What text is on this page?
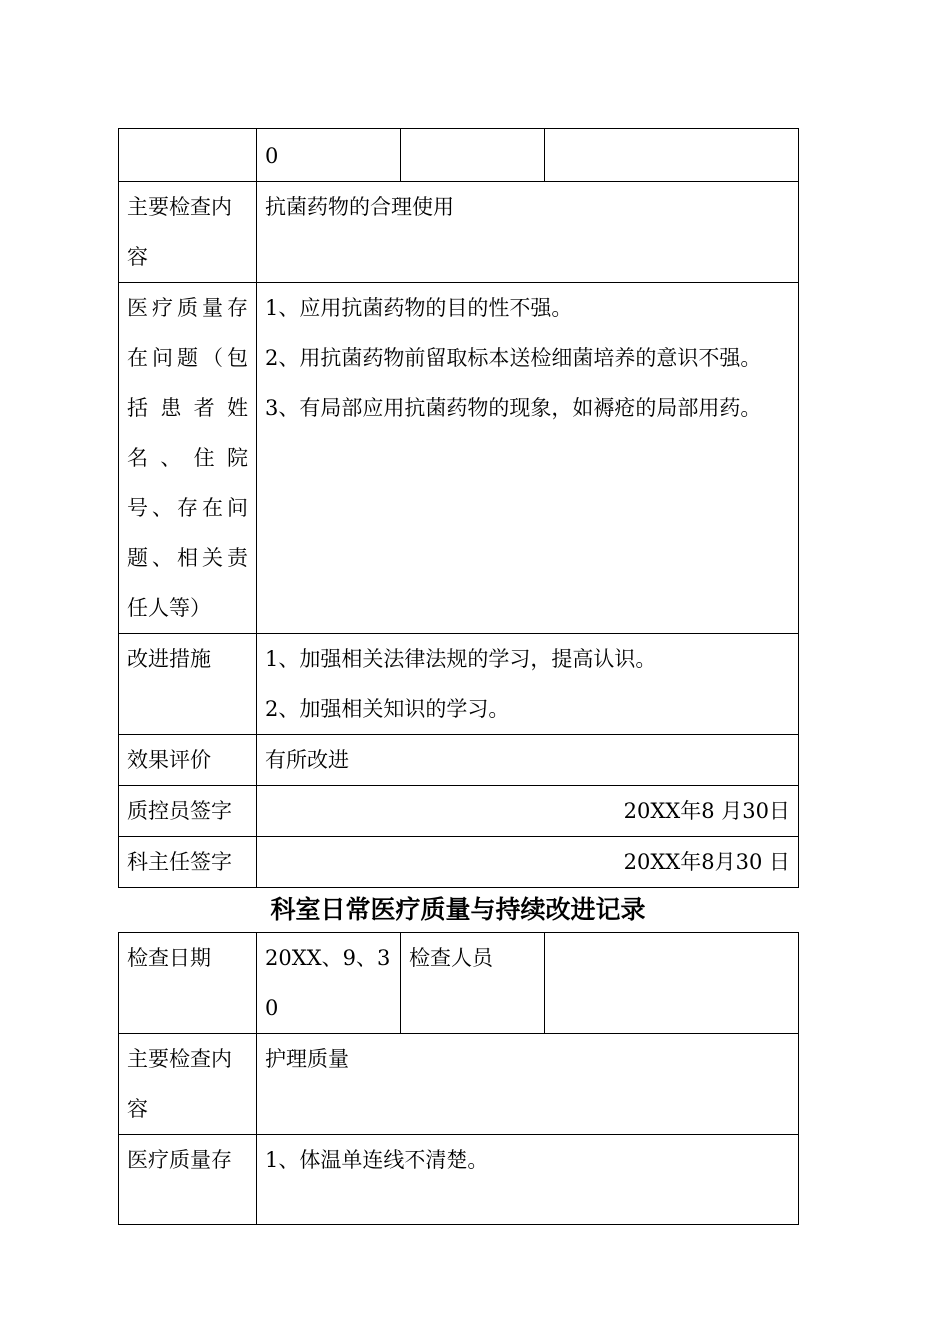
	0		
主要检查内容	抗菌药物的合理使用		
医疗质量存在问题（包括患者姓名、住院号、存在问题、相关责任人等）	1、应用抗菌药物的目的性不强。
2、用抗菌药物前留取标本送检细菌培养的意识不强。
3、有局部应用抗菌药物的现象，如褥疮的局部用药。		

改进措施	1、加强相关法律法规的学习，提高认识。
2、加强相关知识的学习。		

效果评价	有所改进		
质控员签字	20XX年8 月30日		
科主任签字	20XX年8月30 日		
科室日常医疗质量与持续改进记录
检查日期	20XX、9、30	检查人员	
主要检查内容	护理质量		
医疗质量存	1、体温单连线不清楚。		
